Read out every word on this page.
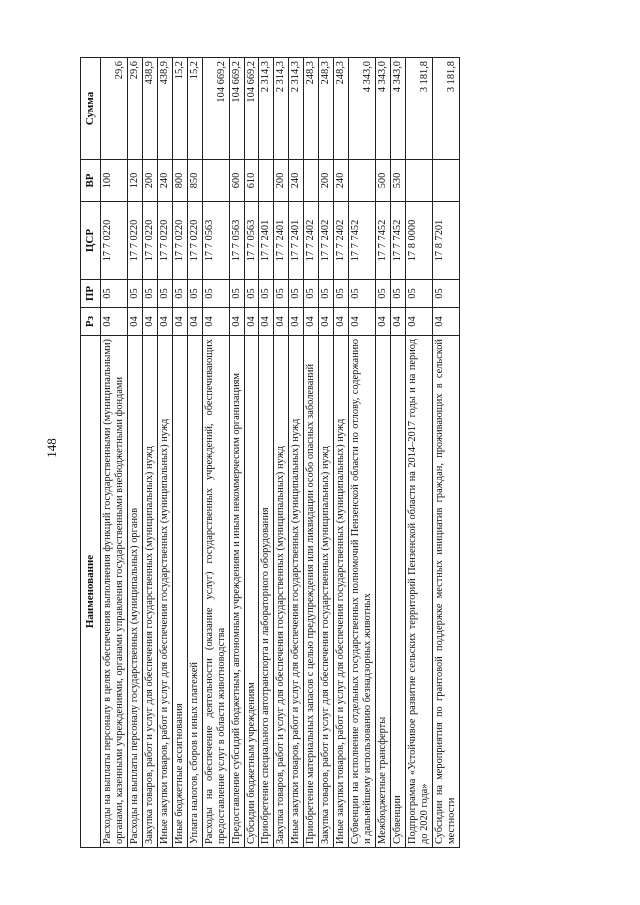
148
Наименование	Рз	ПР	ЦСР	ВР	Сумма
Расходы на выплаты персоналу в целях обеспечения выполнения функций государственными (муниципальными) органами, казенными учреждениями, органами управления государственными внебюджетными фондами	04	05	17 7 0220	100	29,6
Расходы на выплаты персоналу государственных (муниципальных) органов	04	05	17 7 0220	120	29,6
Закупка товаров, работ и услуг для обеспечения государственных (муниципальных) нужд	04	05	17 7 0220	200	438,9
Иные закупки товаров, работ и услуг для обеспечения государственных (муниципальных) нужд	04	05	17 7 0220	240	438,9
Иные бюджетные ассигнования	04	05	17 7 0220	800	15,2
Уплата налогов, сборов и иных платежей	04	05	17 7 0220	850	15,2
Расходы на обеспечение деятельности (оказание услуг) государственных учреждений, обеспечивающих предоставление услуг в области животноводства	04	05	17 7 0563		104 669,2
Предоставление субсидий бюджетным, автономным учреждениям и иным некоммерческим организациям	04	05	17 7 0563	600	104 669,2
Субсидии бюджетным учреждениям	04	05	17 7 0563	610	104 669,2
Приобретение специального автотранспорта и лабораторного оборудования	04	05	17 7 2401		2 314,3
Закупка товаров, работ и услуг для обеспечения государственных (муниципальных) нужд	04	05	17 7 2401	200	2 314,3
Иные закупки товаров, работ и услуг для обеспечения государственных (муниципальных) нужд	04	05	17 7 2401	240	2 314,3
Приобретение материальных запасов с целью предупреждения или ликвидации особо опасных заболеваний	04	05	17 7 2402		248,3
Закупка товаров, работ и услуг для обеспечения государственных (муниципальных) нужд	04	05	17 7 2402	200	248,3
Иные закупки товаров, работ и услуг для обеспечения государственных (муниципальных) нужд	04	05	17 7 2402	240	248,3
Субвенции на исполнение отдельных государственных полномочий Пензенской области по отлову, содержанию и дальнейшему использованию безнадзорных животных	04	05	17 7 7452		4 343,0
Межбюджетные трансферты	04	05	17 7 7452	500	4 343,0
Субвенции	04	05	17 7 7452	530	4 343,0
Подпрограмма «Устойчивое развитие сельских территорий Пензенской области на 2014–2017 годы и на период до 2020 года»	04	05	17 8 0000		3 181,8
Субсидии на мероприятия по грантовой поддержке местных инициатив граждан, проживающих в сельской местности	04	05	17 8 7201		3 181,8
